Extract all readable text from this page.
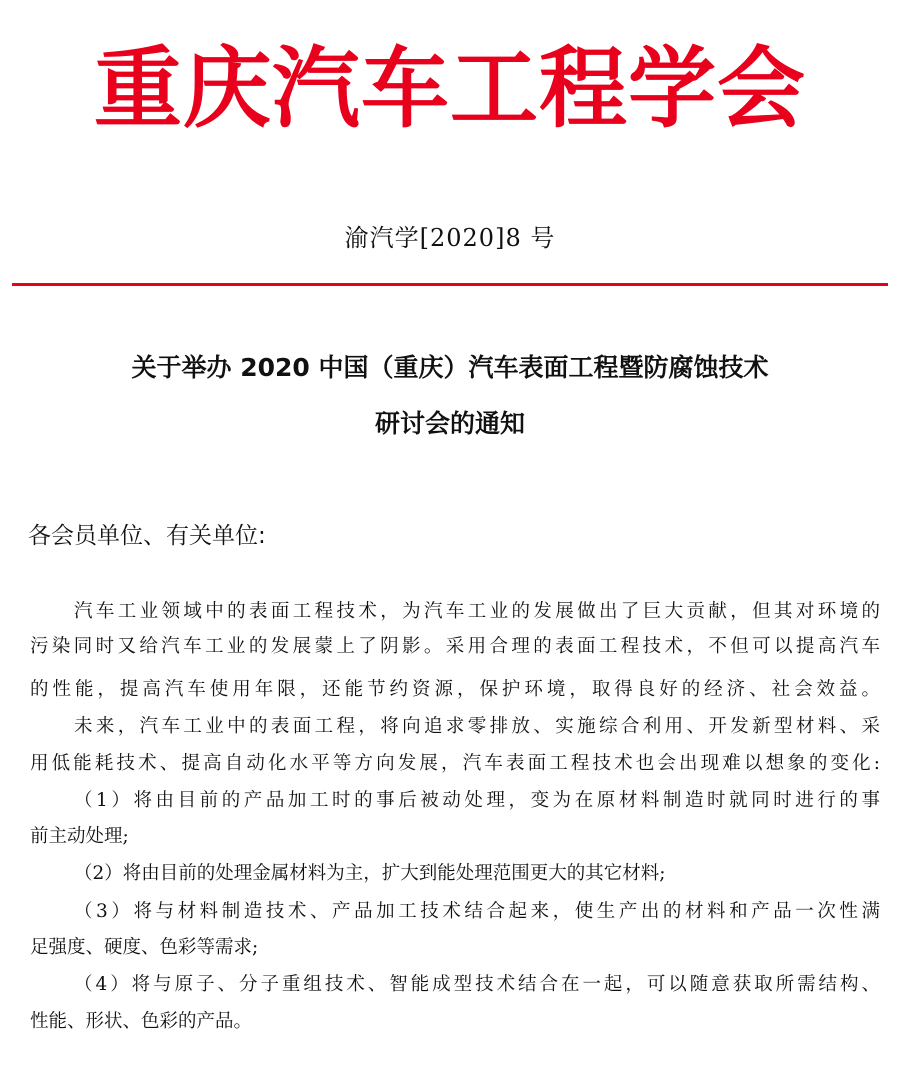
重庆汽车工程学会
渝汽学[2020]8 号
关于举办 2020 中国（重庆）汽车表面工程暨防腐蚀技术
研讨会的通知
各会员单位、有关单位:
汽车工业领域中的表面工程技术，为汽车工业的发展做出了巨大贡献，但其对环境的
污染同时又给汽车工业的发展蒙上了阴影。采用合理的表面工程技术，不但可以提高汽车
的性能，提高汽车使用年限，还能节约资源，保护环境，取得良好的经济、社会效益。
未来，汽车工业中的表面工程，将向追求零排放、实施综合利用、开发新型材料、采
用低能耗技术、提高自动化水平等方向发展，汽车表面工程技术也会出现难以想象的变化:
（1）将由目前的产品加工时的事后被动处理，变为在原材料制造时就同时进行的事
前主动处理;
（2）将由目前的处理金属材料为主，扩大到能处理范围更大的其它材料;
（3）将与材料制造技术、产品加工技术结合起来，使生产出的材料和产品一次性满
足强度、硬度、色彩等需求;
（4）将与原子、分子重组技术、智能成型技术结合在一起，可以随意获取所需结构、
性能、形状、色彩的产品。
